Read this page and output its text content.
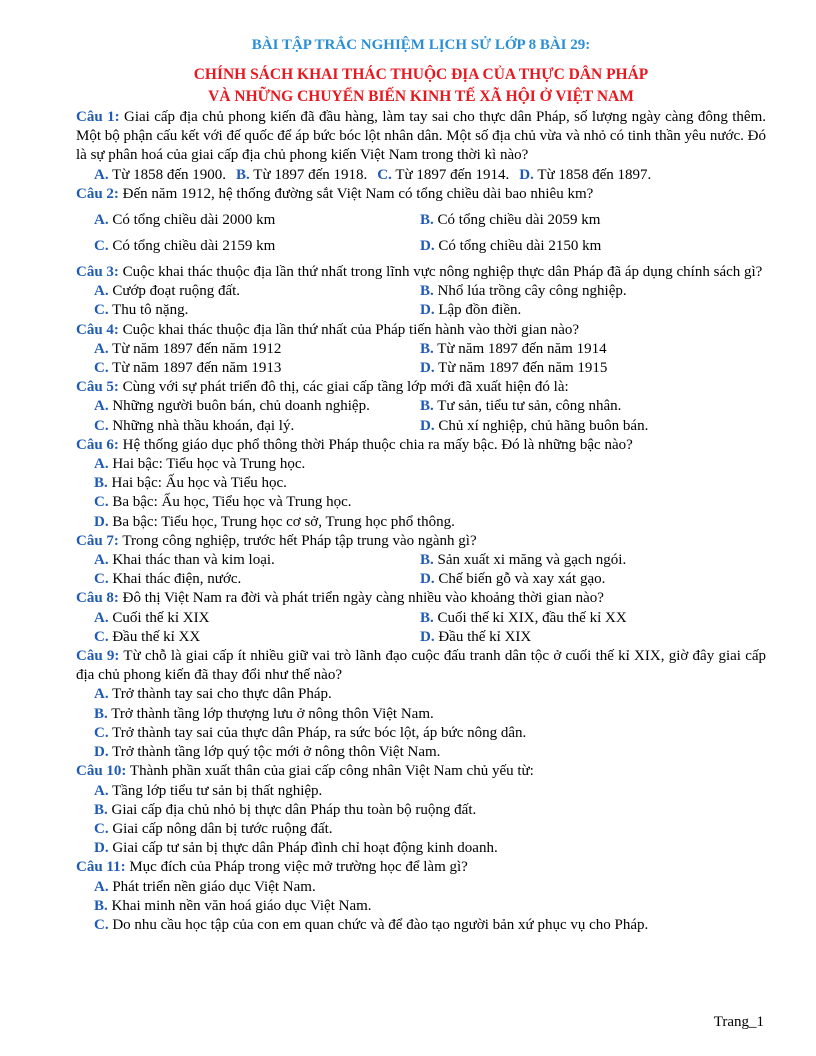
BÀI TẬP TRẮC NGHIỆM LỊCH SỬ LỚP 8 BÀI 29:
CHÍNH SÁCH KHAI THÁC THUỘC ĐỊA CỦA THỰC DÂN PHÁP
VÀ NHỮNG CHUYỂN BIẾN KINH TẾ XÃ HỘI Ở VIỆT NAM

Câu 1: Giai cấp địa chủ phong kiến đã đầu hàng, làm tay sai cho thực dân Pháp, số lượng ngày càng đông thêm. Một bộ phận cấu kết với đế quốc để áp bức bóc lột nhân dân. Một số địa chủ vừa và nhỏ có tinh thần yêu nước. Đó là sự phân hoá của giai cấp địa chủ phong kiến Việt Nam trong thời kì nào?

A. Từ 1858 đến 1900. B. Từ 1897 đến 1918. C. Từ 1897 đến 1914. D. Từ 1858 đến 1897.

Câu 2: Đến năm 1912, hệ thống đường sắt Việt Nam có tổng chiều dài bao nhiêu km?

A. Có tổng chiều dài 2000 km	B. Có tổng chiều dài 2059 km
C. Có tổng chiều dài 2159 km	D. Có tổng chiều dài 2150 km

Câu 3: Cuộc khai thác thuộc địa lần thứ nhất trong lĩnh vực nông nghiệp thực dân Pháp đã áp dụng chính sách gì?

A. Cướp đoạt ruộng đất.	B. Nhổ lúa trồng cây công nghiệp.
C. Thu tô nặng.	D. Lập đồn điền.

Câu 4: Cuộc khai thác thuộc địa lần thứ nhất của Pháp tiến hành vào thời gian nào?

A. Từ năm 1897 đến năm 1912	B. Từ năm 1897 đến năm 1914
C. Từ năm 1897 đến năm 1913	D. Từ năm 1897 đến năm 1915

Câu 5: Cùng với sự phát triển đô thị, các giai cấp tầng lớp mới đã xuất hiện đó là:

A. Những người buôn bán, chủ doanh nghiệp.	B. Tư sản, tiểu tư sản, công nhân.
C. Những nhà thầu khoán, đại lý.	D. Chủ xí nghiệp, chủ hãng buôn bán.

Câu 6: Hệ thống giáo dục phổ thông thời Pháp thuộc chia ra mấy bậc. Đó là những bậc nào?

A. Hai bậc: Tiểu học và Trung học.
B. Hai bậc: Ấu học và Tiểu học.
C. Ba bậc: Ấu học, Tiểu học và Trung học.
D. Ba bậc: Tiểu học, Trung học cơ sở, Trung học phổ thông.

Câu 7: Trong công nghiệp, trước hết Pháp tập trung vào ngành gì?

A. Khai thác than và kim loại.	B. Sản xuất xi măng và gạch ngói.
C. Khai thác điện, nước.	D. Chế biến gỗ và xay xát gạo.

Câu 8: Đô thị Việt Nam ra đời và phát triển ngày càng nhiều vào khoảng thời gian nào?

A. Cuối thế kỉ XIX	B. Cuối thế kỉ XIX, đầu thế kỉ XX
C. Đầu thế kỉ XX	D. Đầu thế kỉ XIX

Câu 9: Từ chỗ là giai cấp ít nhiều giữ vai trò lãnh đạo cuộc đấu tranh dân tộc ở cuối thế kỉ XIX, giờ đây giai cấp địa chủ phong kiến đã thay đổi như thế nào?

A. Trở thành tay sai cho thực dân Pháp.
B. Trở thành tầng lớp thượng lưu ở nông thôn Việt Nam.
C. Trở thành tay sai của thực dân Pháp, ra sức bóc lột, áp bức nông dân.
D. Trở thành tầng lớp quý tộc mới ở nông thôn Việt Nam.

Câu 10: Thành phần xuất thân của giai cấp công nhân Việt Nam chủ yếu từ:

A. Tầng lớp tiểu tư sản bị thất nghiệp.
B. Giai cấp địa chủ nhỏ bị thực dân Pháp thu toàn bộ ruộng đất.
C. Giai cấp nông dân bị tước ruộng đất.
D. Giai cấp tư sản bị thực dân Pháp đình chỉ hoạt động kinh doanh.

Câu 11: Mục đích của Pháp trong việc mở trường học để làm gì?

A. Phát triển nền giáo dục Việt Nam.
B. Khai minh nền văn hoá giáo dục Việt Nam.
C. Do nhu cầu học tập của con em quan chức và để đào tạo người bản xứ phục vụ cho Pháp.
Trang_1
